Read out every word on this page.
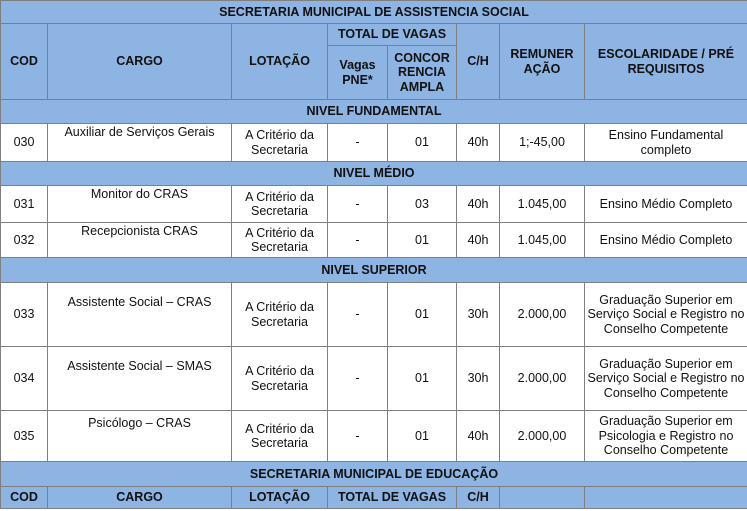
SECRETARIA MUNICIPAL DE ASSISTENCIA SOCIAL							
COD	CARGO	LOTAÇÃO	TOTAL DE VAGAS		C/H	REMUNER AÇÃO	ESCOLARIDADE / PRÉ REQUISITOS
			Vagas PNE*	CONCOR RENCIA AMPLA			
NIVEL FUNDAMENTAL							
030	Auxiliar de Serviços Gerais	A Critério da Secretaria	-	01	40h	1;-45,00	Ensino Fundamental completo
NIVEL MÉDIO							
031	Monitor do CRAS	A Critério da Secretaria	-	03	40h	1.045,00	Ensino Médio Completo
032	Recepcionista CRAS	A Critério da Secretaria	-	01	40h	1.045,00	Ensino Médio Completo
NIVEL SUPERIOR							
033	Assistente Social – CRAS	A Critério da Secretaria	-	01	30h	2.000,00	Graduação Superior em Serviço Social e Registro no Conselho Competente
034	Assistente Social – SMAS	A Critério da Secretaria	-	01	30h	2.000,00	Graduação Superior em Serviço Social e Registro no Conselho Competente
035	Psicólogo – CRAS	A Critério da Secretaria	-	01	40h	2.000,00	Graduação Superior em Psicologia e Registro no Conselho Competente
SECRETARIA MUNICIPAL DE EDUCAÇÃO							
COD	CARGO	LOTAÇÃO	TOTAL DE VAGAS		C/H		
